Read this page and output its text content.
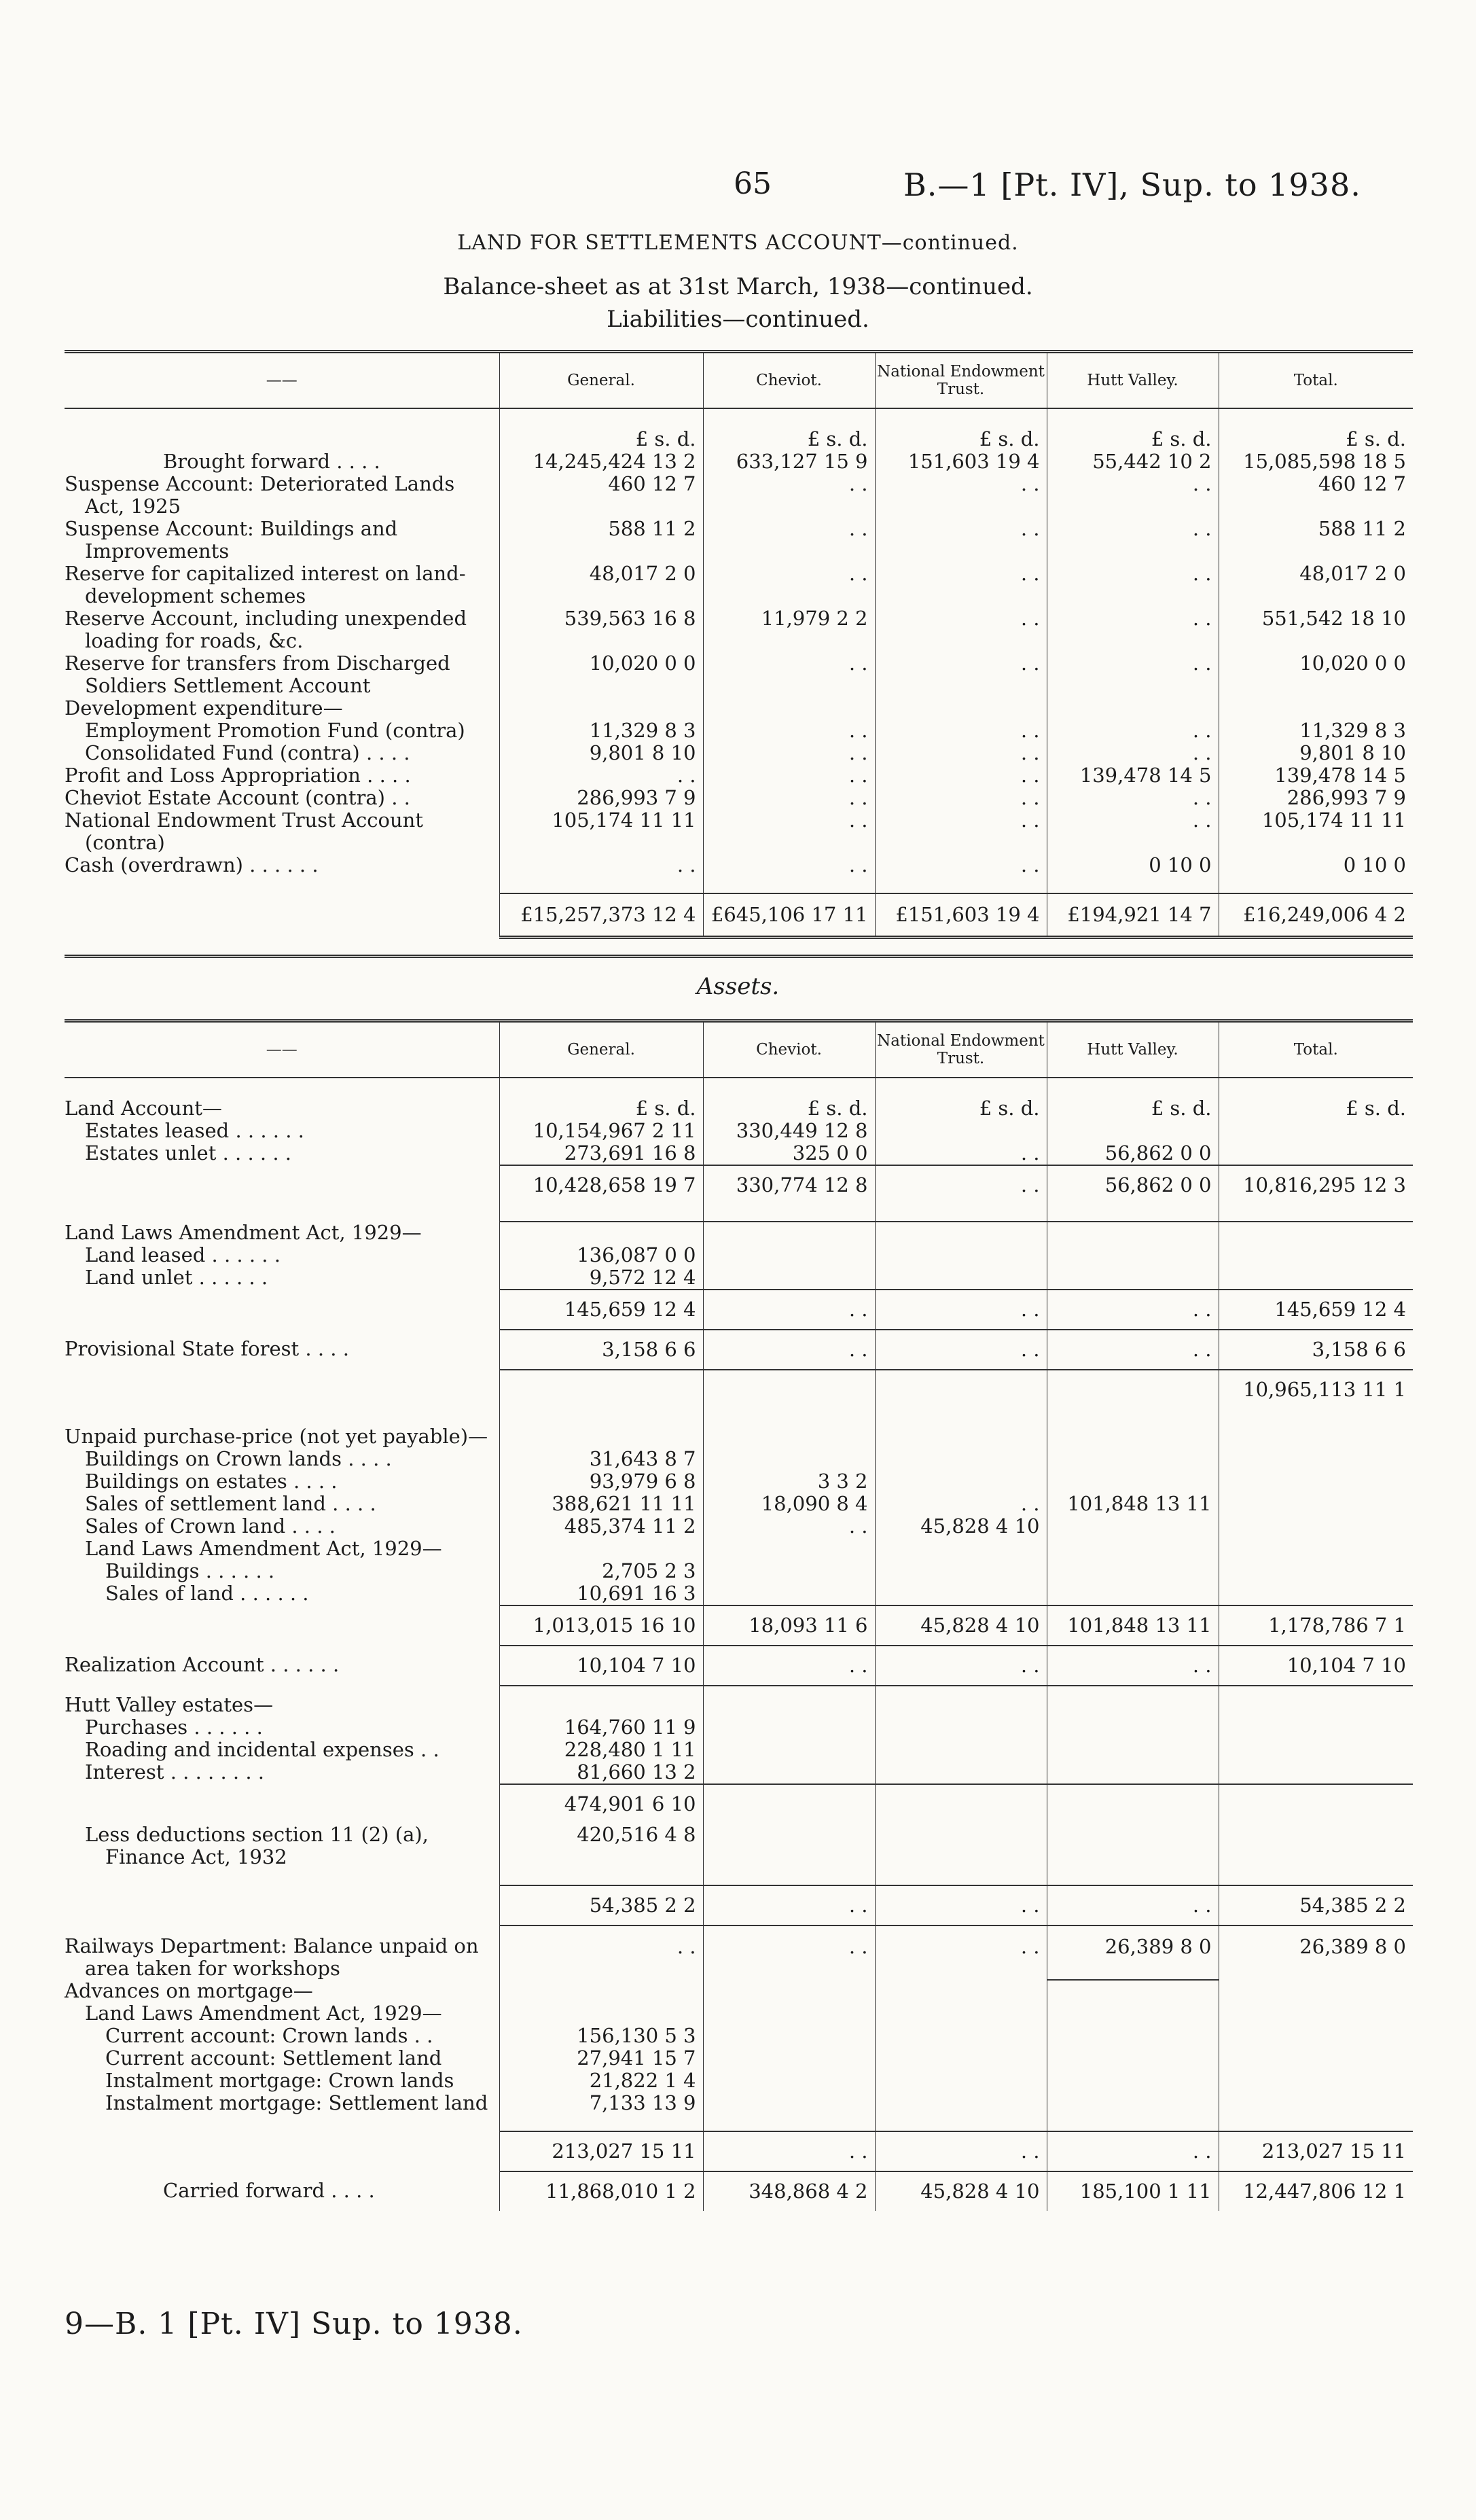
65	B.—1 [Pt. IV], Sup. to 1938.
LAND FOR SETTLEMENTS ACCOUNT—continued.
Balance-sheet as at 31st March, 1938—continued.
Liabilities—continued.
——	General.	Cheviot.	National Endowment Trust.	Hutt Valley.	Total.
	£ s. d.	£ s. d.	£ s. d.	£ s. d.	£ s. d.
Brought forward . . . .	14,245,424 13 2	633,127 15 9	151,603 19 4	55,442 10 2	15,085,598 18 5

Suspense Account: Deteriorated Lands Act, 1925	460 12 7	. .	. .	. .	460 12 7

Suspense Account: Buildings and Improvements	588 11 2	. .	. .	. .	588 11 2

Reserve for capitalized interest on land-development schemes	48,017 2 0	. .	. .	. .	48,017 2 0

Reserve Account, including unexpended loading for roads, &c.	539,563 16 8	11,979 2 2	. .	. .	551,542 18 10

Reserve for transfers from Discharged Soldiers Settlement Account	10,020 0 0	. .	. .	. .	10,020 0 0
Development expenditure—					
Employment Promotion Fund (contra)	11,329 8 3	. .	. .	. .	11,329 8 3
Consolidated Fund (contra) . . . .	9,801 8 10	. .	. .	. .	9,801 8 10
Profit and Loss Appropriation . . . .	. .	. .	. .	139,478 14 5	139,478 14 5
Cheviot Estate Account (contra) . .	286,993 7 9	. .	. .	. .	286,993 7 9

National Endowment Trust Account (contra)	105,174 11 11	. .	. .	. .	105,174 11 11
Cash (overdrawn) . . . . . .	. .	. .	. .	0 10 0	0 10 0

	£15,257,373 12 4	£645,106 17 11	£151,603 19 4	£194,921 14 7	£16,249,006 4 2
Assets.
——	General.	Cheviot.	National Endowment Trust.	Hutt Valley.	Total.
Land Account—	£ s. d.	£ s. d.	£ s. d.	£ s. d.	£ s. d.
Estates leased . . . . . .	10,154,967 2 11	330,449 12 8			
Estates unlet . . . . . .	273,691 16 8	325 0 0	. .	56,862 0 0	
	10,428,658 19 7	330,774 12 8	. .	56,862 0 0	10,816,295 12 3

Land Laws Amendment Act, 1929—					
Land leased . . . . . .	136,087 0 0				
Land unlet . . . . . .	9,572 12 4				
	145,659 12 4	. .	. .	. .	145,659 12 4
Provisional State forest . . . .	3,158 6 6	. .	. .	. .	3,158 6 6
					10,965,113 11 1

Unpaid purchase-price (not yet payable)—					
Buildings on Crown lands . . . .	31,643 8 7				
Buildings on estates . . . .	93,979 6 8	3 3 2			
Sales of settlement land . . . .	388,621 11 11	18,090 8 4	. .	101,848 13 11	
Sales of Crown land . . . .	485,374 11 2	. .	45,828 4 10		
Land Laws Amendment Act, 1929—					
Buildings . . . . . .	2,705 2 3				
Sales of land . . . . . .	10,691 16 3				
	1,013,015 16 10	18,093 11 6	45,828 4 10	101,848 13 11	1,178,786 7 1
Realization Account . . . . . .	10,104 7 10	. .	. .	. .	10,104 7 10
Hutt Valley estates—					
Purchases . . . . . .	164,760 11 9				
Roading and incidental expenses . .	228,480 1 11				
Interest . . . . . . . .	81,660 13 2				
	474,901 6 10				

Less deductions section 11 (2) (a), Finance Act, 1932	420,516 4 8				

	54,385 2 2	. .	. .	. .	54,385 2 2

Railways Department: Balance unpaid on area taken for workshops	. .	. .	. .	26,389 8 0	26,389 8 0
Advances on mortgage—					
Land Laws Amendment Act, 1929—					
Current account: Crown lands . .	156,130 5 3				
Current account: Settlement land	27,941 15 7				
Instalment mortgage: Crown lands	21,822 1 4				
Instalment mortgage: Settlement land	7,133 13 9				

	213,027 15 11	. .	. .	. .	213,027 15 11
Carried forward . . . .	11,868,010 1 2	348,868 4 2	45,828 4 10	185,100 1 11	12,447,806 12 1
9—B. 1 [Pt. IV] Sup. to 1938.
